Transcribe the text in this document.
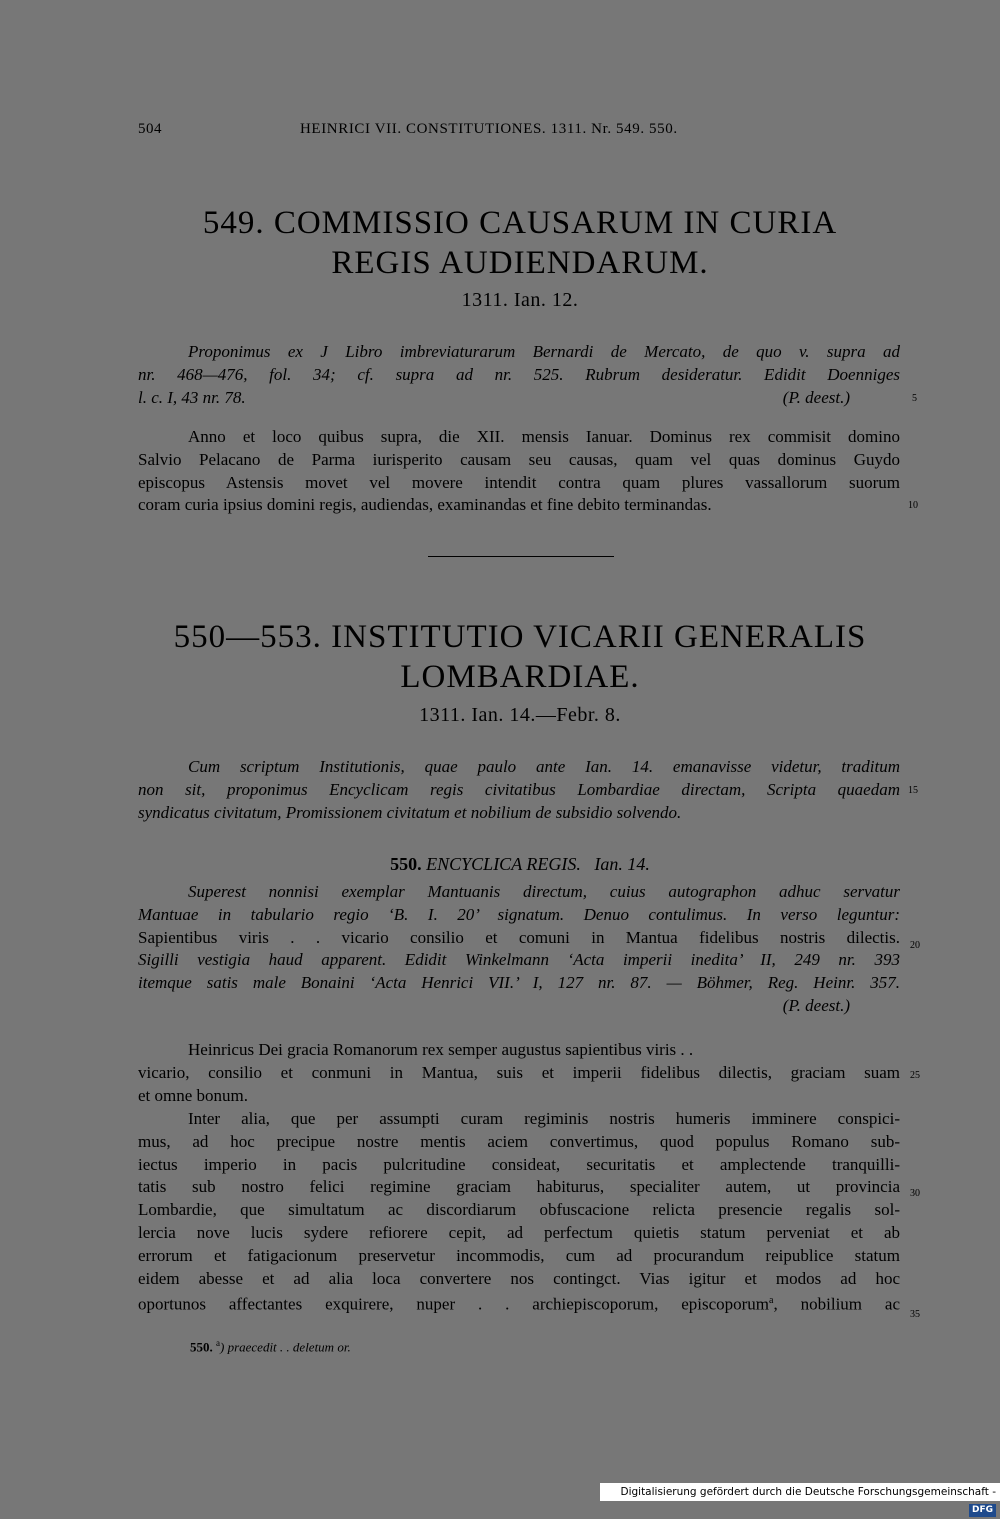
504	HEINRICI VII. CONSTITUTIONES. 1311. Nr. 549. 550.
549. COMMISSIO CAUSARUM IN CURIA
REGIS AUDIENDARUM.
1311. Ian. 12.
Proponimus ex J Libro imbreviaturarum Bernardi de Mercato, de quo v. supra ad
nr. 468—476, fol. 34; cf. supra ad nr. 525. Rubrum desideratur. Edidit Doenniges
l. c. I, 43 nr. 78.	(P. deest.)
Anno et loco quibus supra, die XII. mensis Ianuar. Dominus rex commisit domino
Salvio Pelacano de Parma iurisperito causam seu causas, quam vel quas dominus Guydo
episcopus Astensis movet vel movere intendit contra quam plures vassallorum suorum
coram curia ipsius domini regis, audiendas, examinandas et fine debito terminandas.
550—553. INSTITUTIO VICARII GENERALIS
LOMBARDIAE.
1311. Ian. 14.—Febr. 8.
Cum scriptum Institutionis, quae paulo ante Ian. 14. emanavisse videtur, traditum
non sit, proponimus Encyclicam regis civitatibus Lombardiae directam, Scripta quaedam
syndicatus civitatum, Promissionem civitatum et nobilium de subsidio solvendo.
550. ENCYCLICA REGIS. Ian. 14.
Superest nonnisi exemplar Mantuanis directum, cuius autographon adhuc servatur
Mantuae in tabulario regio ‘B. I. 20’ signatum. Denuo contulimus. In verso leguntur:
Sapientibus viris . . vicario consilio et comuni in Mantua fidelibus nostris dilectis.
Sigilli vestigia haud apparent. Edidit Winkelmann ‘Acta imperii inedita’ II, 249 nr. 393
itemque satis male Bonaini ‘Acta Henrici VII.’ I, 127 nr. 87. — Böhmer, Reg. Heinr. 357.
(P. deest.)
Heinricus Dei gracia Romanorum rex semper augustus sapientibus viris . .
vicario, consilio et conmuni in Mantua, suis et imperii fidelibus dilectis, graciam suam
et omne bonum.
Inter alia, que per assumpti curam regiminis nostris humeris imminere conspici-
mus, ad hoc precipue nostre mentis aciem convertimus, quod populus Romano sub-
iectus imperio in pacis pulcritudine consideat, securitatis et amplectende tranquilli-
tatis sub nostro felici regimine graciam habiturus, specialiter autem, ut provincia
Lombardie, que simultatum ac discordiarum obfuscacione relicta presencie regalis sol-
lercia nove lucis sydere refiorere cepit, ad perfectum quietis statum perveniat et ab
errorum et fatigacionum preservetur incommodis, cum ad procurandum reipublice statum
eidem abesse et ad alia loca convertere nos contingct. Vias igitur et modos ad hoc
oportunos affectantes exquirere, nuper . . archiepiscoporum, episcoporum$^a$, nobilium ac
5
10
15
20
25
30
35
550. $^a$) praecedit . . deletum or.
Digitalisierung gefördert durch die Deutsche Forschungsgemeinschaft -DFG
